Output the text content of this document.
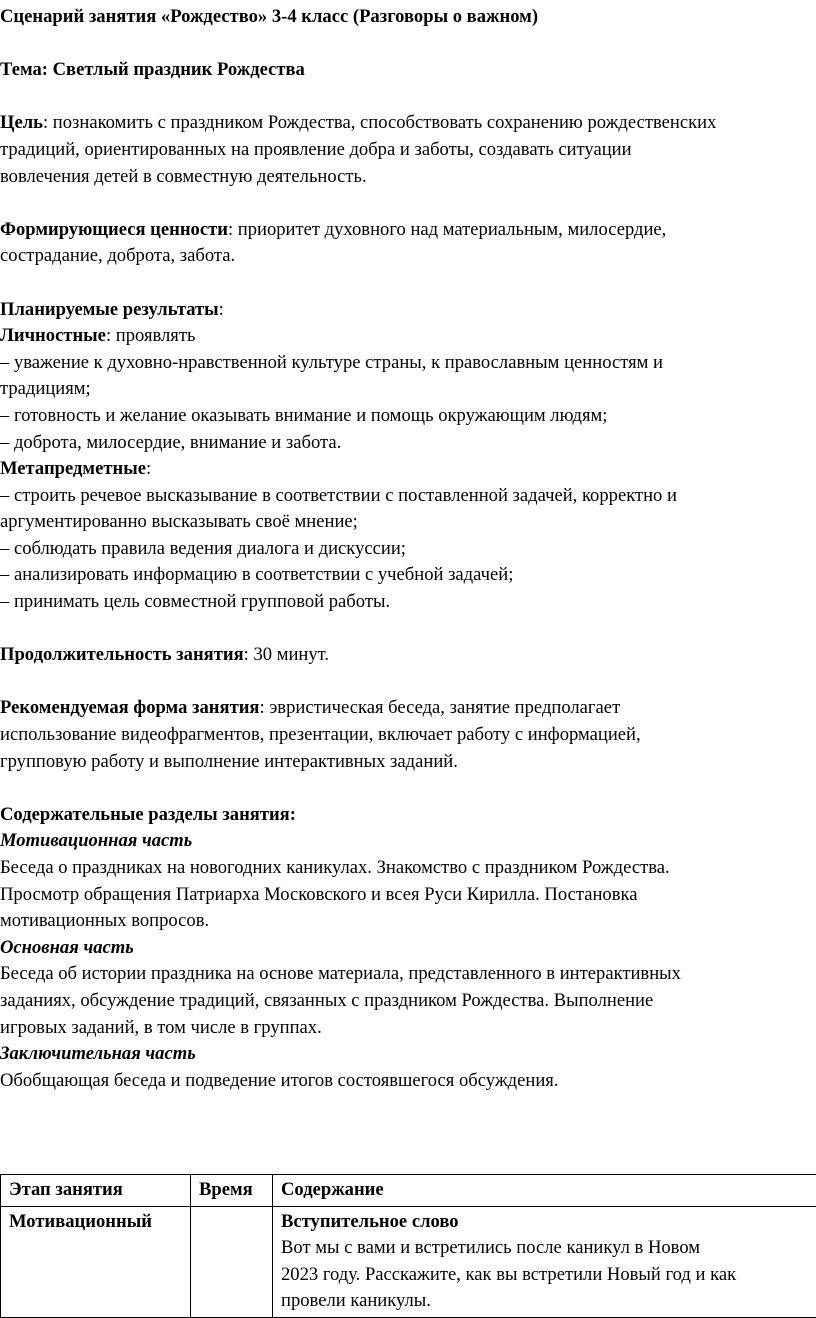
Сценарий занятия «Рождество» 3-4 класс (Разговоры о важном)

Тема: Светлый праздник Рождества

Цель: познакомить с праздником Рождества, способствовать сохранению рождественских

традиций, ориентированных на проявление добра и заботы, создавать ситуации

вовлечения детей в совместную деятельность.

Формирующиеся ценности: приоритет духовного над материальным, милосердие,

сострадание, доброта, забота.

Планируемые результаты:

Личностные: проявлять

– уважение к духовно-нравственной культуре страны, к православным ценностям и

традициям;

– готовность и желание оказывать внимание и помощь окружающим людям;

– доброта, милосердие, внимание и забота.

Метапредметные:

– строить речевое высказывание в соответствии с поставленной задачей, корректно и

аргументированно высказывать своё мнение;

– соблюдать правила ведения диалога и дискуссии;

– анализировать информацию в соответствии с учебной задачей;

– принимать цель совместной групповой работы.

Продолжительность занятия: 30 минут.

Рекомендуемая форма занятия: эвристическая беседа, занятие предполагает

использование видеофрагментов, презентации, включает работу с информацией,

групповую работу и выполнение интерактивных заданий.

Содержательные разделы занятия:

Мотивационная часть

Беседа о праздниках на новогодних каникулах. Знакомство с праздником Рождества.

Просмотр обращения Патриарха Московского и всея Руси Кирилла. Постановка

мотивационных вопросов.

Основная часть

Беседа об истории праздника на основе материала, представленного в интерактивных

заданиях, обсуждение традиций, связанных с праздником Рождества. Выполнение

игровых заданий, в том числе в группах.

Заключительная часть

Обобщающая беседа и подведение итогов состоявшегося обсуждения.

Этап занятия	Время	Содержание
Мотивационный		Вступительное слово
Вот мы с вами и встретились после каникул в Новом
2023 году. Расскажите, как вы встретили Новый год и как
провели каникулы.
